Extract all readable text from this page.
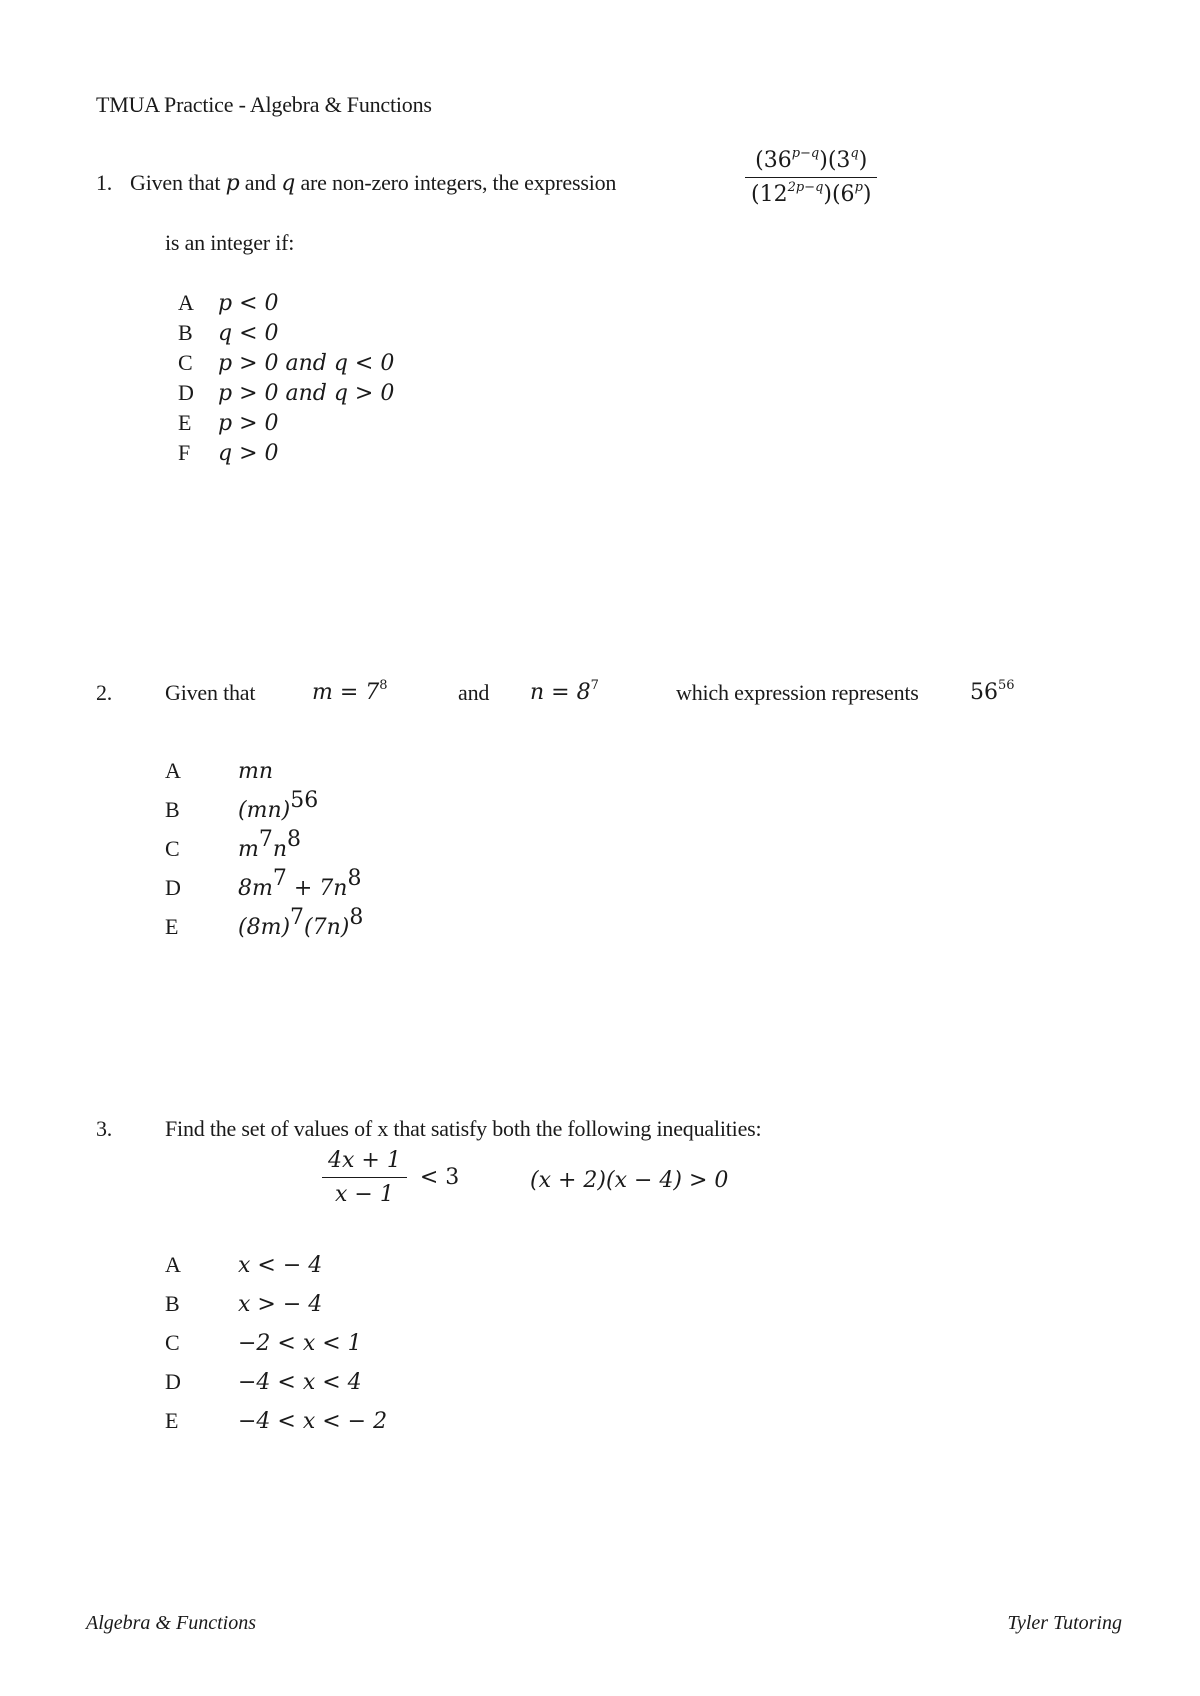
TMUA Practice - Algebra & Functions
1. Given that p and q are non-zero integers, the expression	$\frac{(36^{p-q})(3^q)}{(12^{2p-q})(6^p)}$
is an integer if:
A p < 0
B q < 0
C p > 0 and q < 0
D p > 0 and q > 0
E p > 0
F q > 0
2. Given that	$m = 7^8$	and $n = 8^7$	which expression represents $56^{56}$
A	mn
B	(mn)$^{56}$
C	$m^7n^8$
D	$8m^7 + 7n^8$
E	$(8m)^7(7n)^8$
3. Find the set of values of x that satisfy both the following inequalities:
$\frac{4x + 1}{x - 1} < 3$	(x + 2)(x − 4) > 0
A	x < − 4
B	x > − 4
C	−2 < x < 1
D	−4 < x < 4
E	−4 < x < − 2
Algebra & Functions	Tyler Tutoring
